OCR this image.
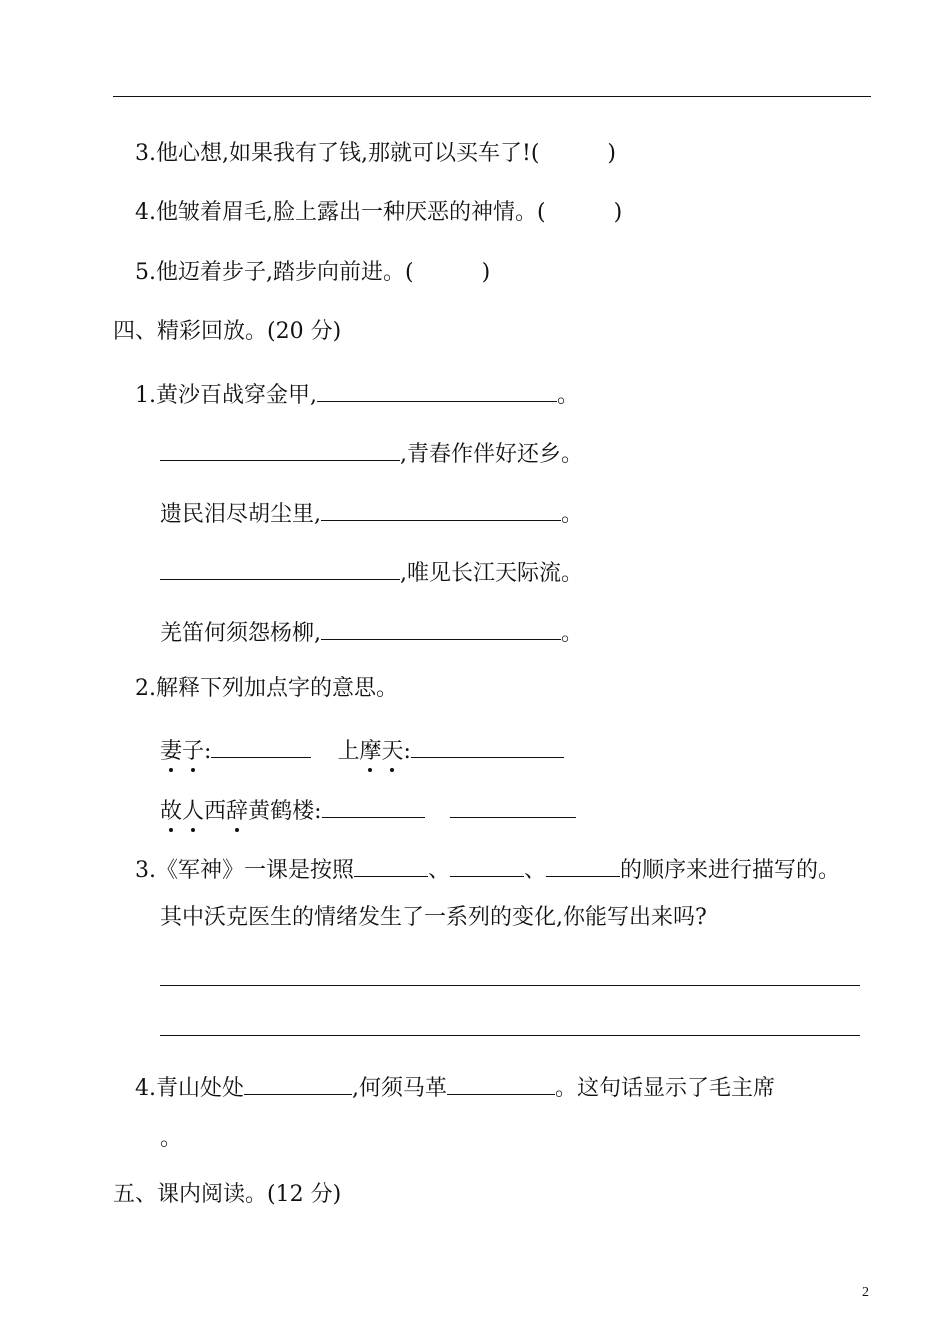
3.他心想,如果我有了钱,那就可以买车了!(	)
4.他皱着眉毛,脸上露出一种厌恶的神情。(	)
5.他迈着步子,踏步向前进。(	)
四、精彩回放。(20 分)
1.黄沙百战穿金甲,	。
,青春作伴好还乡。
遗民泪尽胡尘里,	。
,唯见长江天际流。
羌笛何须怨杨柳,	。
2.解释下列加点字的意思。
妻子:	上摩天:
故人西辞黄鹤楼:
3.《军神》一课是按照	、	、	的顺序来进行描写的。
其中沃克医生的情绪发生了一系列的变化,你能写出来吗?
4.青山处处	,何须马革	。这句话显示了毛主席
。
五、课内阅读。(12 分)
2
